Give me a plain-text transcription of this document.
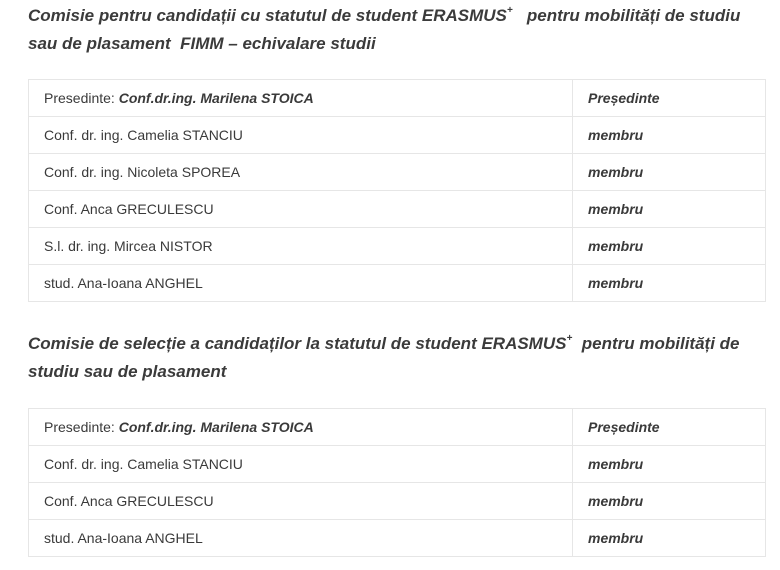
Comisie pentru candidații cu statutul de student ERASMUS+   pentru mobilități de studiu sau de plasament  FIMM – echivalare studii
Presedinte: Conf.dr.ing. Marilena STOICA	Președinte
Conf. dr. ing. Camelia STANCIU	membru
Conf. dr. ing. Nicoleta SPOREA	membru
Conf. Anca GRECULESCU	membru
S.l. dr. ing. Mircea NISTOR	membru
stud. Ana-Ioana ANGHEL	membru
Comisie de selecție a candidaților la statutul de student ERASMUS+  pentru mobilități de studiu sau de plasament
Presedinte: Conf.dr.ing. Marilena STOICA	Președinte
Conf. dr. ing. Camelia STANCIU	membru
Conf. Anca GRECULESCU	membru
stud. Ana-Ioana ANGHEL	membru
